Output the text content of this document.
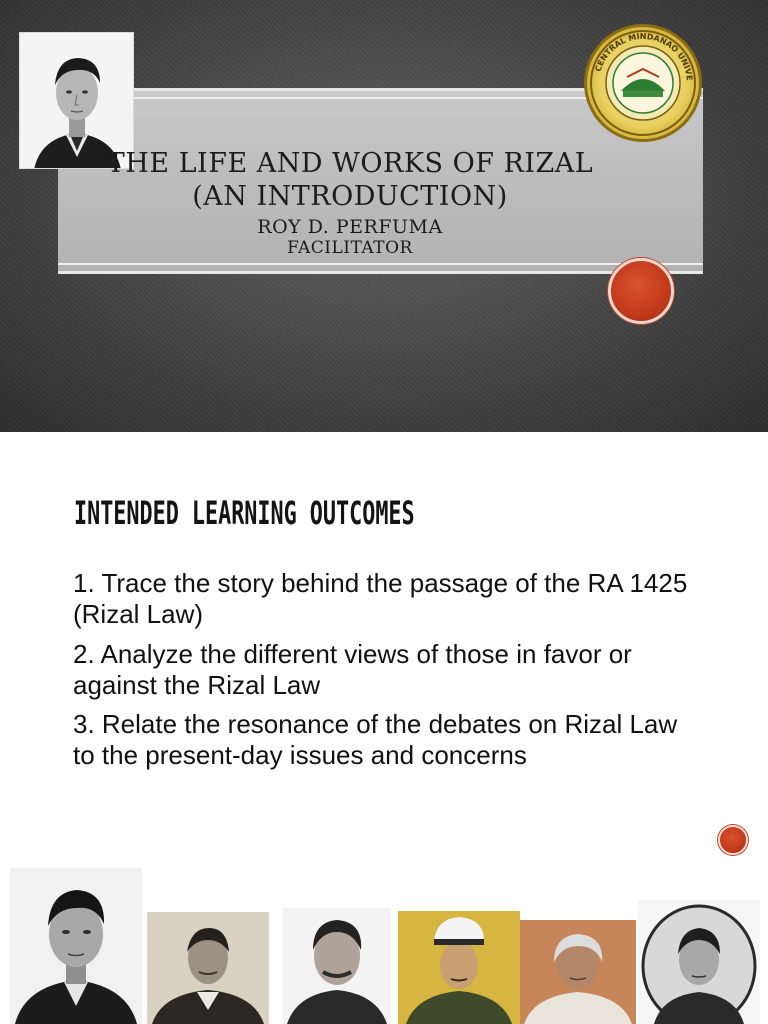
CENTRAL MINDANAO UNIVE
THE LIFE AND WORKS OF RIZAL
(AN INTRODUCTION)
ROY D. PERFUMA
FACILITATOR
INTENDED LEARNING OUTCOMES
1. Trace the story behind the passage of the RA 1425 (Rizal Law)
2. Analyze the different views of those in favor or against the Rizal Law
3. Relate the resonance of the debates on Rizal Law to the present-day issues and concerns
